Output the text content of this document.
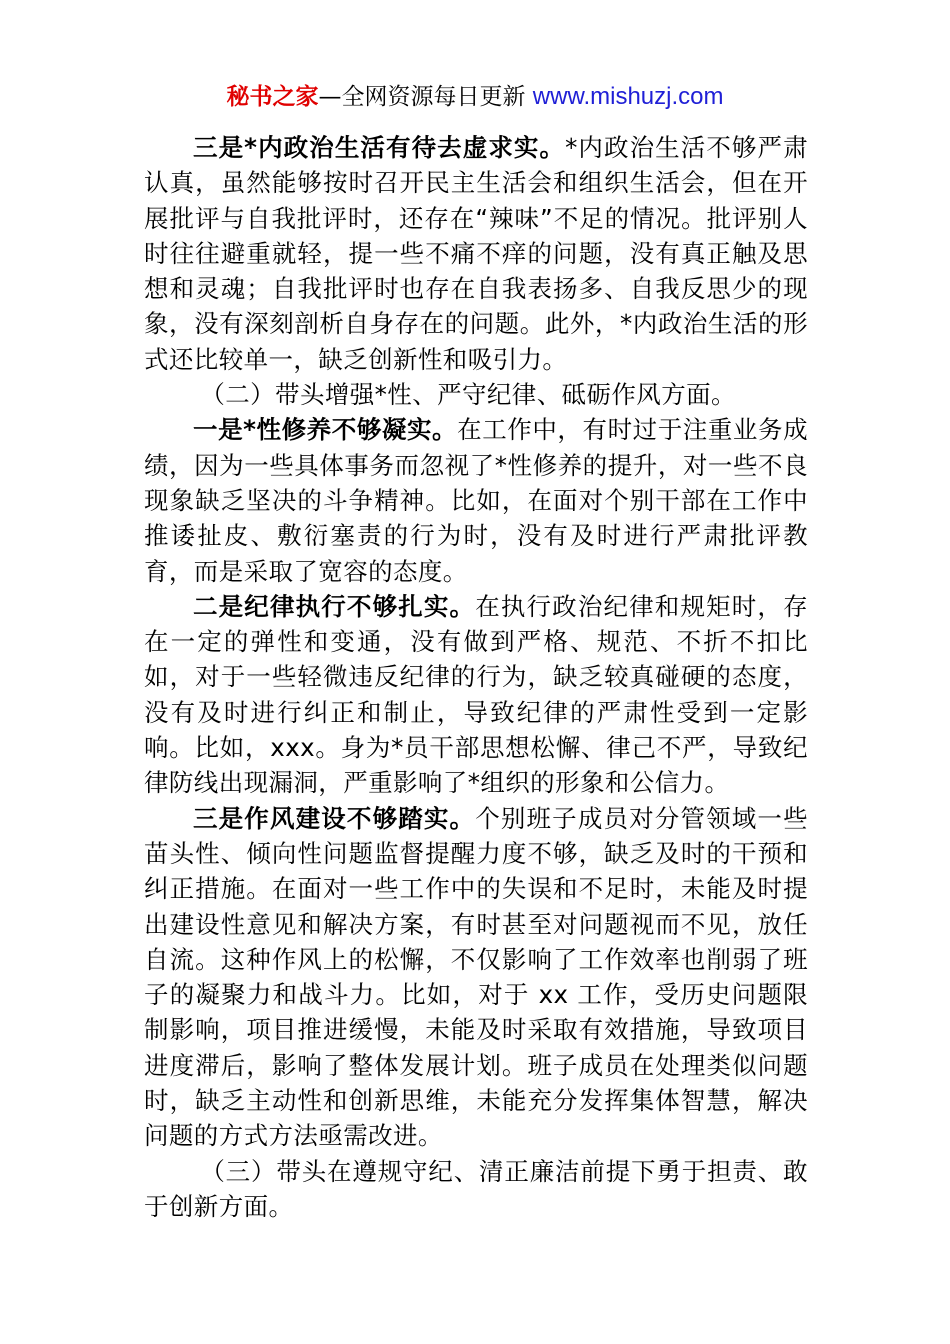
秘书之家—全网资源每日更新 www.mishuzj.com

三是*内政治生活有待去虚求实。*内政治生活不够严肃认真，虽然能够按时召开民主生活会和组织生活会，但在开展批评与自我批评时，还存在“辣味”不足的情况。批评别人时往往避重就轻，提一些不痛不痒的问题，没有真正触及思想和灵魂；自我批评时也存在自我表扬多、自我反思少的现象，没有深刻剖析自身存在的问题。此外，*内政治生活的形式还比较单一，缺乏创新性和吸引力。

（二）带头增强*性、严守纪律、砥砺作风方面。

一是*性修养不够凝实。在工作中，有时过于注重业务成绩，因为一些具体事务而忽视了*性修养的提升，对一些不良现象缺乏坚决的斗争精神。比如，在面对个别干部在工作中推诿扯皮、敷衍塞责的行为时，没有及时进行严肃批评教育，而是采取了宽容的态度。

二是纪律执行不够扎实。在执行政治纪律和规矩时，存在一定的弹性和变通，没有做到严格、规范、不折不扣比如，对于一些轻微违反纪律的行为，缺乏较真碰硬的态度，没有及时进行纠正和制止，导致纪律的严肃性受到一定影响。比如，xxx。身为*员干部思想松懈、律己不严，导致纪律防线出现漏洞，严重影响了*组织的形象和公信力。

三是作风建设不够踏实。个别班子成员对分管领域一些苗头性、倾向性问题监督提醒力度不够，缺乏及时的干预和纠正措施。在面对一些工作中的失误和不足时，未能及时提出建设性意见和解决方案，有时甚至对问题视而不见，放任自流。这种作风上的松懈，不仅影响了工作效率也削弱了班子的凝聚力和战斗力。比如，对于 xx 工作，受历史问题限制影响，项目推进缓慢，未能及时采取有效措施，导致项目进度滞后，影响了整体发展计划。班子成员在处理类似问题时，缺乏主动性和创新思维，未能充分发挥集体智慧，解决问题的方式方法亟需改进。

（三）带头在遵规守纪、清正廉洁前提下勇于担责、敢于创新方面。
